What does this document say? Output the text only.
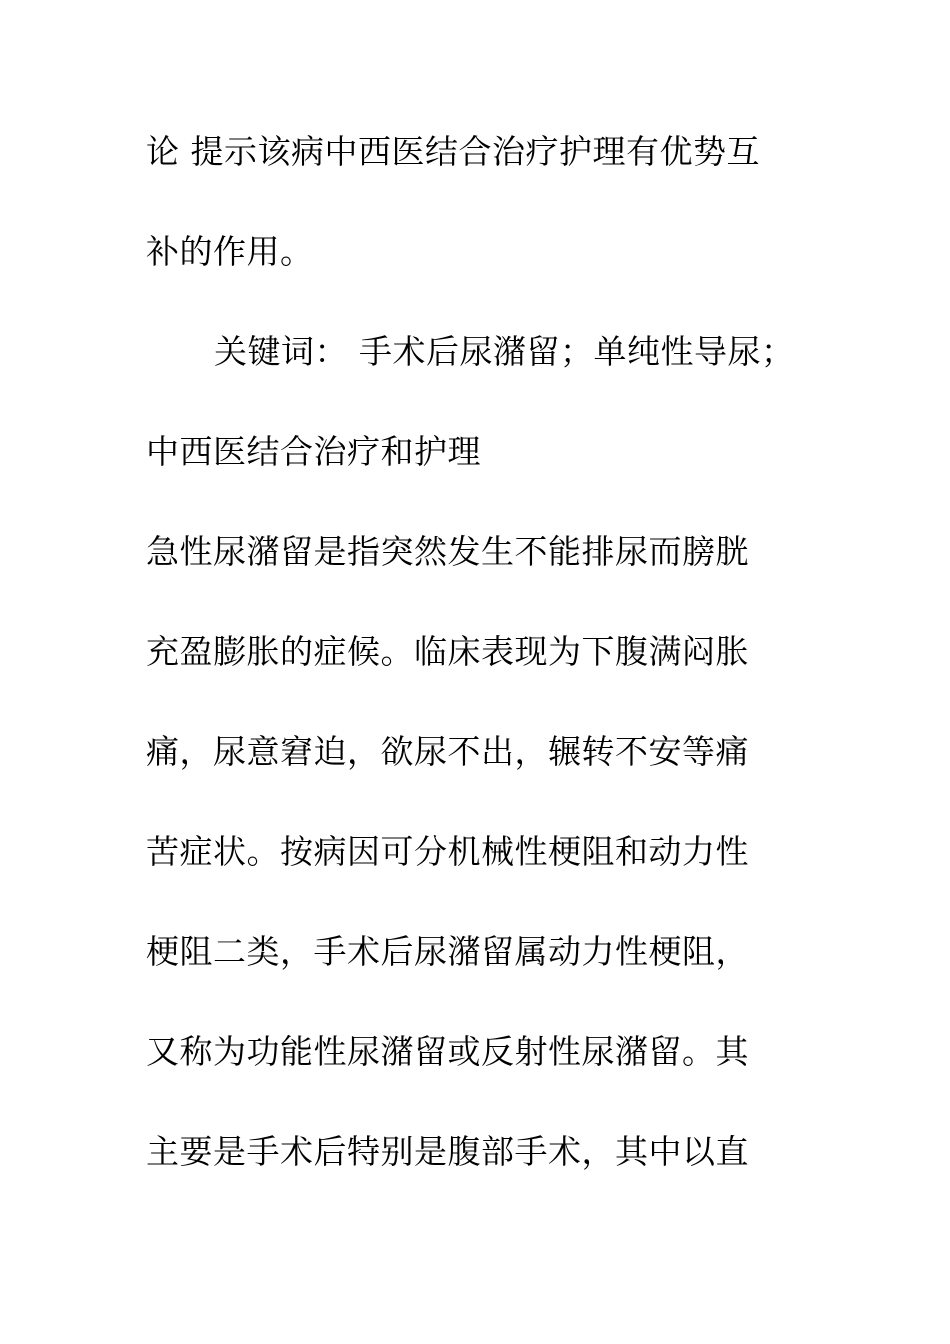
论 提示该病中西医结合治疗护理有优势互
补的作用。
关键词： 手术后尿潴留；单纯性导尿；
中西医结合治疗和护理
急性尿潴留是指突然发生不能排尿而膀胱
充盈膨胀的症候。临床表现为下腹满闷胀
痛，尿意窘迫，欲尿不出，辗转不安等痛
苦症状。按病因可分机械性梗阻和动力性
梗阻二类，手术后尿潴留属动力性梗阻，
又称为功能性尿潴留或反射性尿潴留。其
主要是手术后特别是腹部手术，其中以直
